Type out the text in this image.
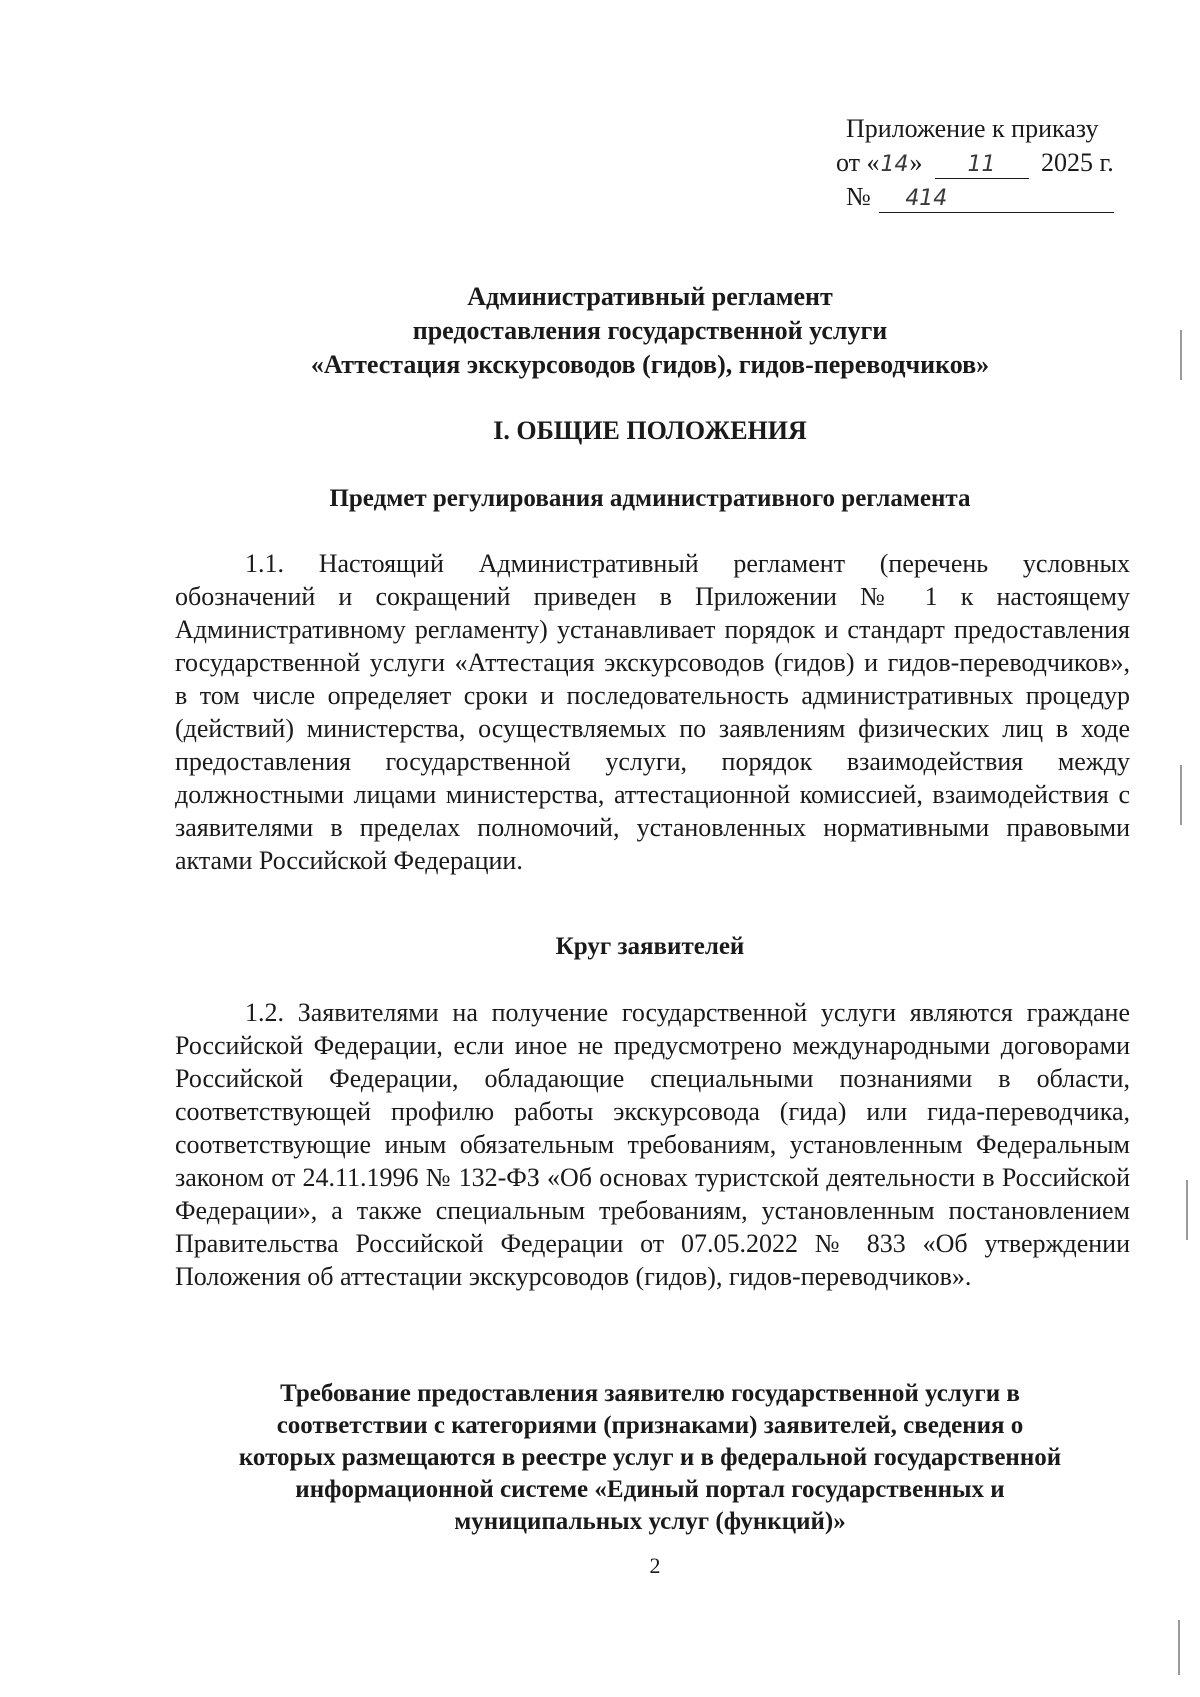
Приложение к приказу
от «14» 11 2025 г.
№ 414
Административный регламент
предоставления государственной услуги
«Аттестация экскурсоводов (гидов), гидов-переводчиков»
I. ОБЩИЕ ПОЛОЖЕНИЯ
Предмет регулирования административного регламента
1.1. Настоящий Административный регламент (перечень условных обозначений и сокращений приведен в Приложении № 1 к настоящему Административному регламенту) устанавливает порядок и стандарт предоставления государственной услуги «Аттестация экскурсоводов (гидов) и гидов-переводчиков», в том числе определяет сроки и последовательность административных процедур (действий) министерства, осуществляемых по заявлениям физических лиц в ходе предоставления государственной услуги, порядок взаимодействия между должностными лицами министерства, аттестационной комиссией, взаимодействия с заявителями в пределах полномочий, установленных нормативными правовыми актами Российской Федерации.
Круг заявителей
1.2. Заявителями на получение государственной услуги являются граждане Российской Федерации, если иное не предусмотрено международными договорами Российской Федерации, обладающие специальными познаниями в области, соответствующей профилю работы экскурсовода (гида) или гида-переводчика, соответствующие иным обязательным требованиям, установленным Федеральным законом от 24.11.1996 № 132-ФЗ «Об основах туристской деятельности в Российской Федерации», а также специальным требованиям, установленным постановлением Правительства Российской Федерации от 07.05.2022 № 833 «Об утверждении Положения об аттестации экскурсоводов (гидов), гидов-переводчиков».
Требование предоставления заявителю государственной услуги в
соответствии с категориями (признаками) заявителей, сведения о
которых размещаются в реестре услуг и в федеральной государственной
информационной системе «Единый портал государственных и
муниципальных услуг (функций)»
2
